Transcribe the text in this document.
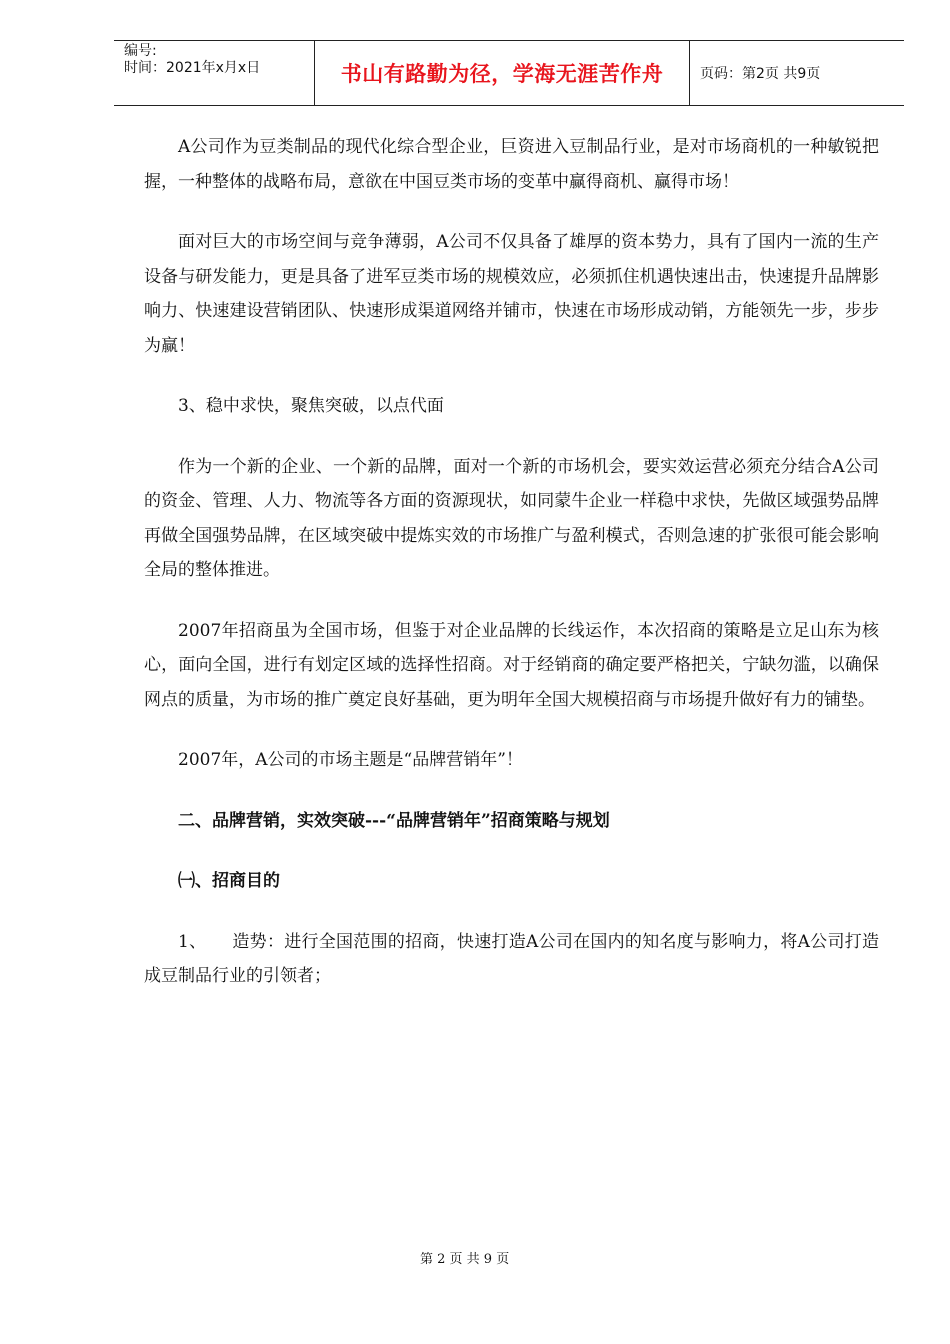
编号:
时间：2021年x月x日	书山有路勤为径，学海无涯苦作舟	页码：第2页 共9页

A公司作为豆类制品的现代化综合型企业，巨资进入豆制品行业，是对市场商机的一种敏锐把握，一种整体的战略布局，意欲在中国豆类市场的变革中赢得商机、赢得市场！

面对巨大的市场空间与竞争薄弱，A公司不仅具备了雄厚的资本势力，具有了国内一流的生产设备与研发能力，更是具备了进军豆类市场的规模效应，必须抓住机遇快速出击，快速提升品牌影响力、快速建设营销团队、快速形成渠道网络并铺市，快速在市场形成动销，方能领先一步，步步为赢！

3、稳中求快，聚焦突破，以点代面

作为一个新的企业、一个新的品牌，面对一个新的市场机会，要实效运营必须充分结合A公司的资金、管理、人力、物流等各方面的资源现状，如同蒙牛企业一样稳中求快，先做区域强势品牌再做全国强势品牌，在区域突破中提炼实效的市场推广与盈利模式，否则急速的扩张很可能会影响全局的整体推进。

2007年招商虽为全国市场，但鉴于对企业品牌的长线运作，本次招商的策略是立足山东为核心，面向全国，进行有划定区域的选择性招商。对于经销商的确定要严格把关，宁缺勿滥，以确保网点的质量，为市场的推广奠定良好基础，更为明年全国大规模招商与市场提升做好有力的铺垫。

2007年，A公司的市场主题是“品牌营销年”！

二、品牌营销，实效突破---“品牌营销年”招商策略与规划

㈠、招商目的

1、　　造势：进行全国范围的招商，快速打造A公司在国内的知名度与影响力，将A公司打造成豆制品行业的引领者；

第 2 页 共 9 页
